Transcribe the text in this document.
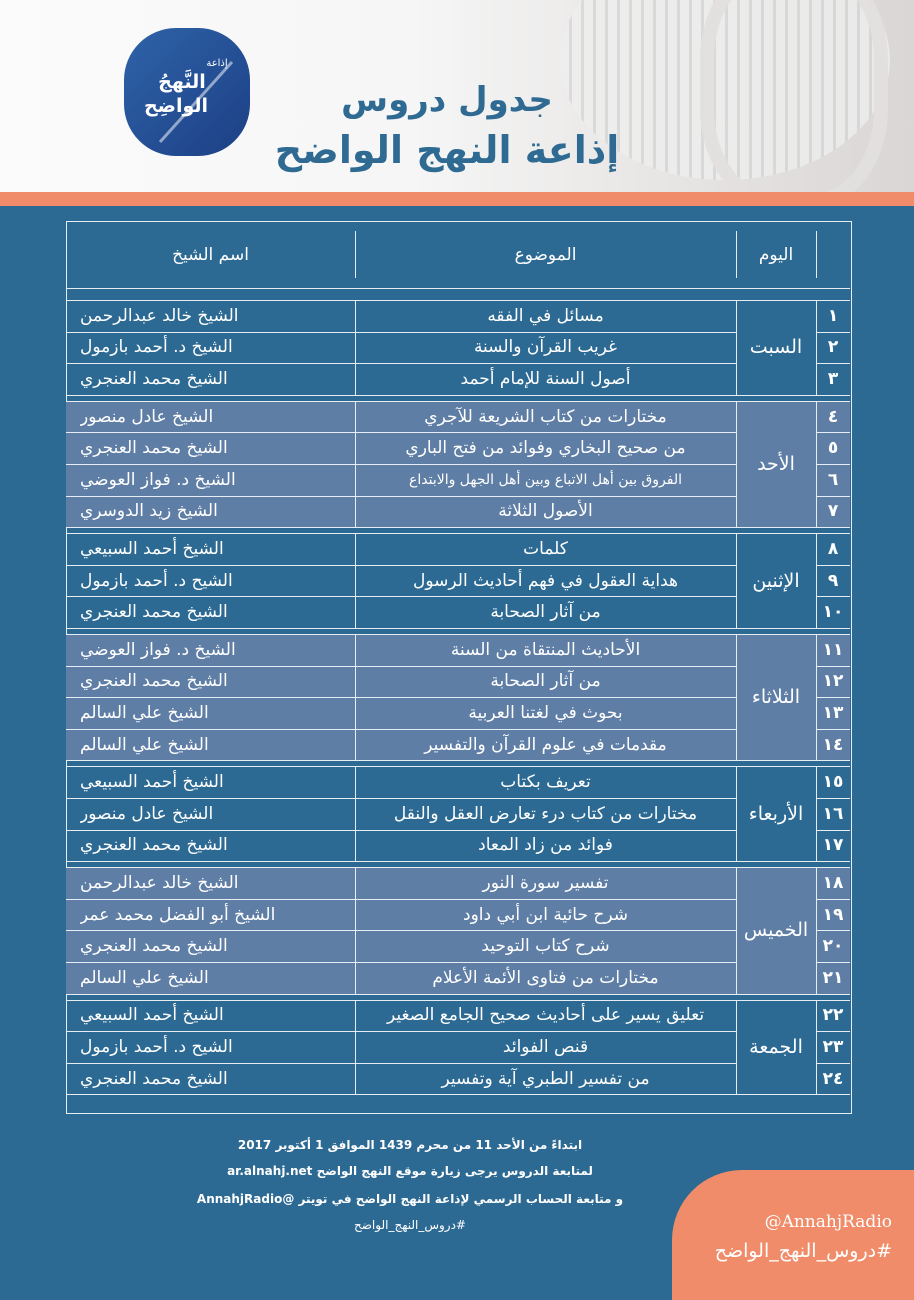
إذاعة
النَّهجُ
الواضِح	جدول دروس
إذاعة النهج الواضح
اليوم
الموضوع
اسم الشيخ
السبت
١
مسائل في الفقه
الشيخ خالد عبدالرحمن
٢
غريب القرآن والسنة
الشيخ د. أحمد بازمول
٣
أصول السنة للإمام أحمد
الشيخ محمد العنجري
الأحد
٤
مختارات من كتاب الشريعة للآجري
الشيخ عادل منصور
٥
من صحيح البخاري وفوائد من فتح الباري
الشيخ محمد العنجري
٦
الفروق بين أهل الاتباع وبين أهل الجهل والابتداع
الشيخ د. فواز العوضي
٧
الأصول الثلاثة
الشيخ زيد الدوسري
الإثنين
٨
كلمات
الشيخ أحمد السبيعي
٩
هداية العقول في فهم أحاديث الرسول
الشيح د. أحمد بازمول
١٠
من آثار الصحابة
الشيخ محمد العنجري
الثلاثاء
١١
الأحاديث المنتقاة من السنة
الشيخ د. فواز العوضي
١٢
من آثار الصحابة
الشيخ محمد العنجري
١٣
بحوث في لغتنا العربية
الشيخ علي السالم
١٤
مقدمات في علوم القرآن والتفسير
الشيخ علي السالم
الأربعاء
١٥
تعريف بكتاب
الشيخ أحمد السبيعي
١٦
مختارات من كتاب درء تعارض العقل والنقل
الشيخ عادل منصور
١٧
فوائد من زاد المعاد
الشيخ محمد العنجري
الخميس
١٨
تفسير سورة النور
الشيخ خالد عبدالرحمن
١٩
شرح حائية ابن أبي داود
الشيخ أبو الفضل محمد عمر
٢٠
شرح كتاب التوحيد
الشيخ محمد العنجري
٢١
مختارات من فتاوى الأئمة الأعلام
الشيخ علي السالم
الجمعة
٢٢
تعليق يسير على أحاديث صحيح الجامع الصغير
الشيخ أحمد السبيعي
٢٣
قنص الفوائد
الشيح د. أحمد بازمول
٢٤
من تفسير الطبري آية وتفسير
الشيخ محمد العنجري
ابتداءً من الأحد 11 من محرم 1439 الموافق 1 أكتوبر 2017
لمتابعة الدروس يرجى زيارة موقع النهج الواضح ar.alnahj.net
و متابعة الحساب الرسمي لإذاعة النهج الواضح في تويتر @AnnahjRadio
#دروس_النهج_الواضح	@AnnahjRadio
#دروس_النهج_الواضح
